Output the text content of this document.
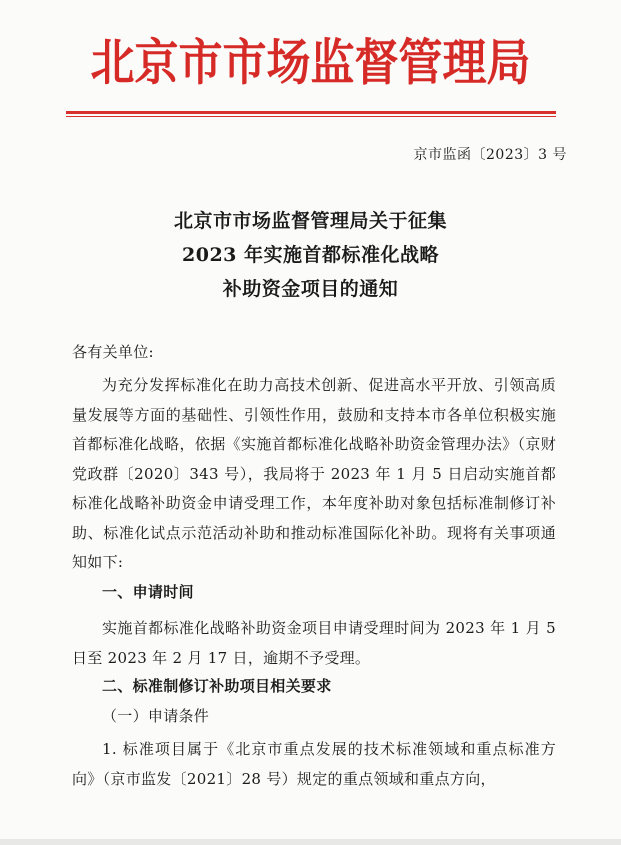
北京市市场监督管理局
京市监函〔2023〕3 号
北京市市场监督管理局关于征集
2023 年实施首都标准化战略
补助资金项目的通知
各有关单位:
为充分发挥标准化在助力高技术创新、促进高水平开放、引领高质量发展等方面的基础性、引领性作用，鼓励和支持本市各单位积极实施首都标准化战略，依据《实施首都标准化战略补助资金管理办法》（京财党政群〔2020〕343 号），我局将于 2023 年 1 月 5 日启动实施首都标准化战略补助资金申请受理工作，本年度补助对象包括标准制修订补助、标准化试点示范活动补助和推动标准国际化补助。现将有关事项通知如下:
一、申请时间
实施首都标准化战略补助资金项目申请受理时间为 2023 年 1 月 5 日至 2023 年 2 月 17 日，逾期不予受理。
二、标准制修订补助项目相关要求
（一）申请条件
1. 标准项目属于《北京市重点发展的技术标准领域和重点标准方向》（京市监发〔2021〕28 号）规定的重点领域和重点方向，
